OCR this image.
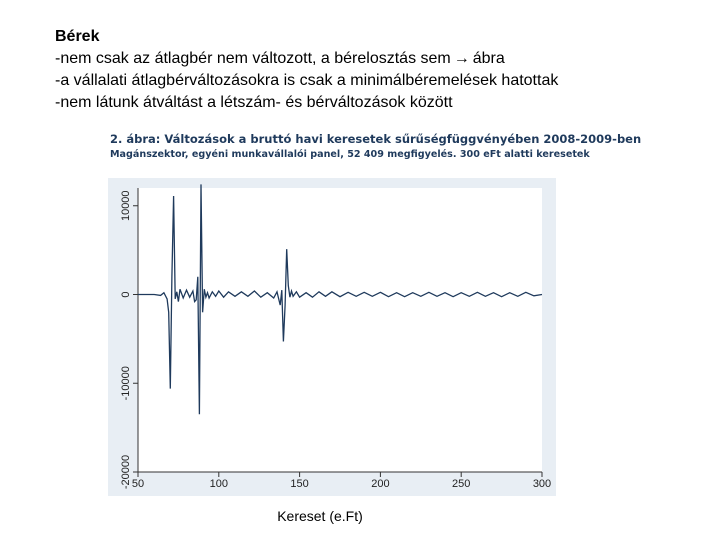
Bérek
-nem csak az átlagbér nem változott, a bérelosztás sem → ábra
-a vállalati átlagbérváltozásokra is csak a minimálbéremelések hatottak
-nem látunk átváltást a létszám- és bérváltozások között
2. ábra: Változások a bruttó havi keresetek sűrűségfüggvényében 2008-2009-ben
Magánszektor, egyéni munkavállalói panel, 52 409 megfigyelés. 300 eFt alatti keresetek
50	100	150	200	250	300
-20000
-10000
0
10000
Kereset (e.Ft)
